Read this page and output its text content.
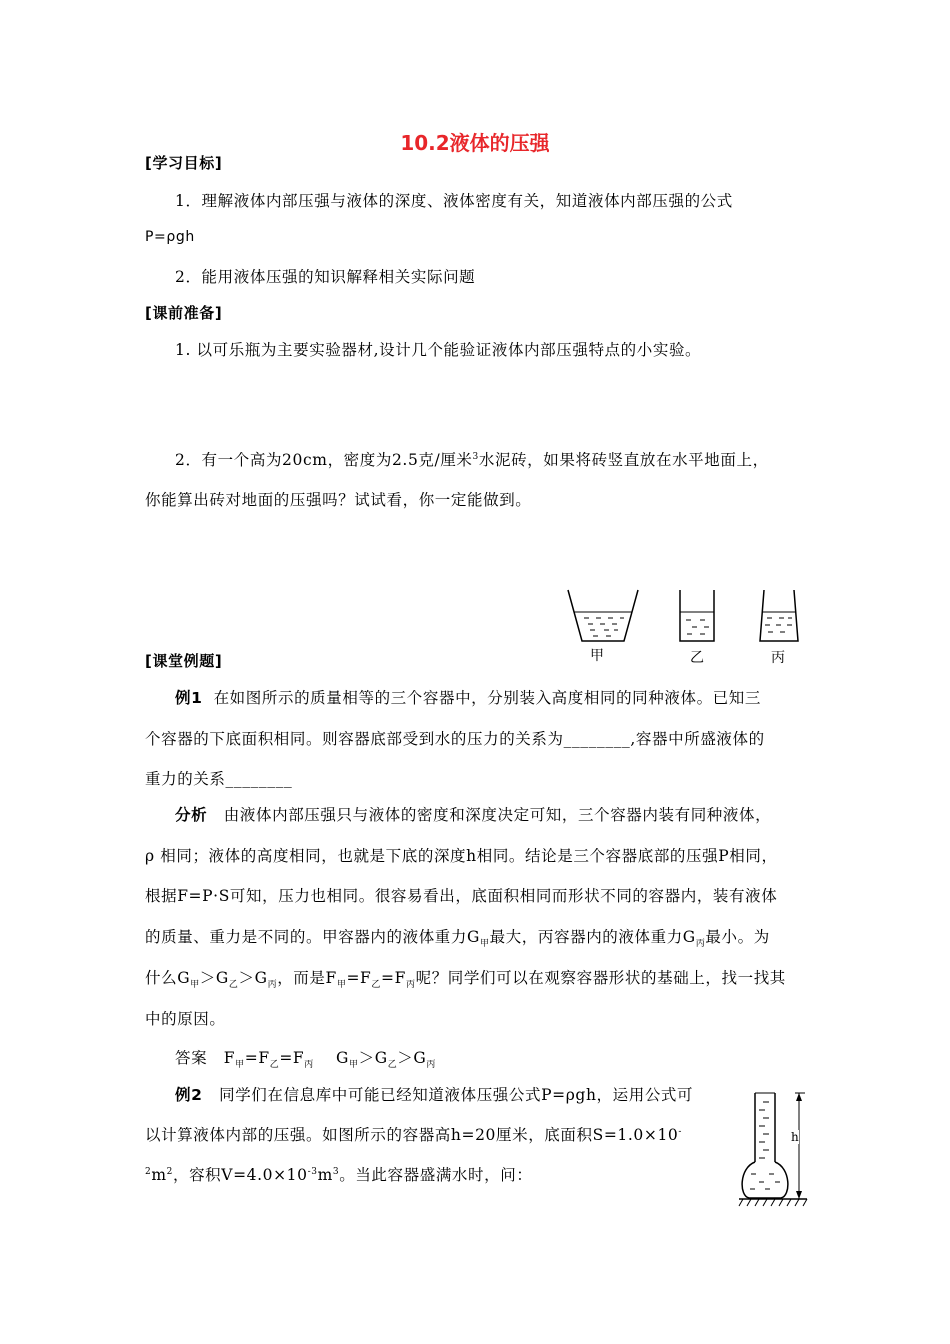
10.2液体的压强
[学习目标]
1．理解液体内部压强与液体的深度、液体密度有关，知道液体内部压强的公式
P=ρgh
2．能用液体压强的知识解释相关实际问题
[课前准备]
1. 以可乐瓶为主要实验器材,设计几个能验证液体内部压强特点的小实验。
2．有一个高为20cm，密度为2.5克/厘米$^3$水泥砖，如果将砖竖直放在水平地面上，
你能算出砖对地面的压强吗？试试看，你一定能做到。
甲	乙	丙
[课堂例题]
例1 在如图所示的质量相等的三个容器中，分别装入高度相同的同种液体。已知三
个容器的下底面积相同。则容器底部受到水的压力的关系为________,容器中所盛液体的
重力的关系________
分析 由液体内部压强只与液体的密度和深度决定可知，三个容器内装有同种液体，
ρ 相同；液体的高度相同，也就是下底的深度h相同。结论是三个容器底部的压强P相同，
根据F=P·S可知，压力也相同。很容易看出，底面积相同而形状不同的容器内，装有液体
的质量、重力是不同的。甲容器内的液体重力$G_甲$最大，丙容器内的液体重力$G_丙$最小。为
什么$G_甲>G_乙>G_丙$，而是$F_甲=F_乙=F_丙$呢？同学们可以在观察容器形状的基础上，找一找其
中的原因。
答案 $F_甲=F_乙=F_丙$ $G_甲>G_乙>G_丙$
例2 同学们在信息库中可能已经知道液体压强公式P=ρgh，运用公式可
以计算液体内部的压强。如图所示的容器高h=20厘米，底面积S=1.0×10-
$^2m^2$，容积$V=4.0\times 10^{-3}m^3$。当此容器盛满水时，问：
h
